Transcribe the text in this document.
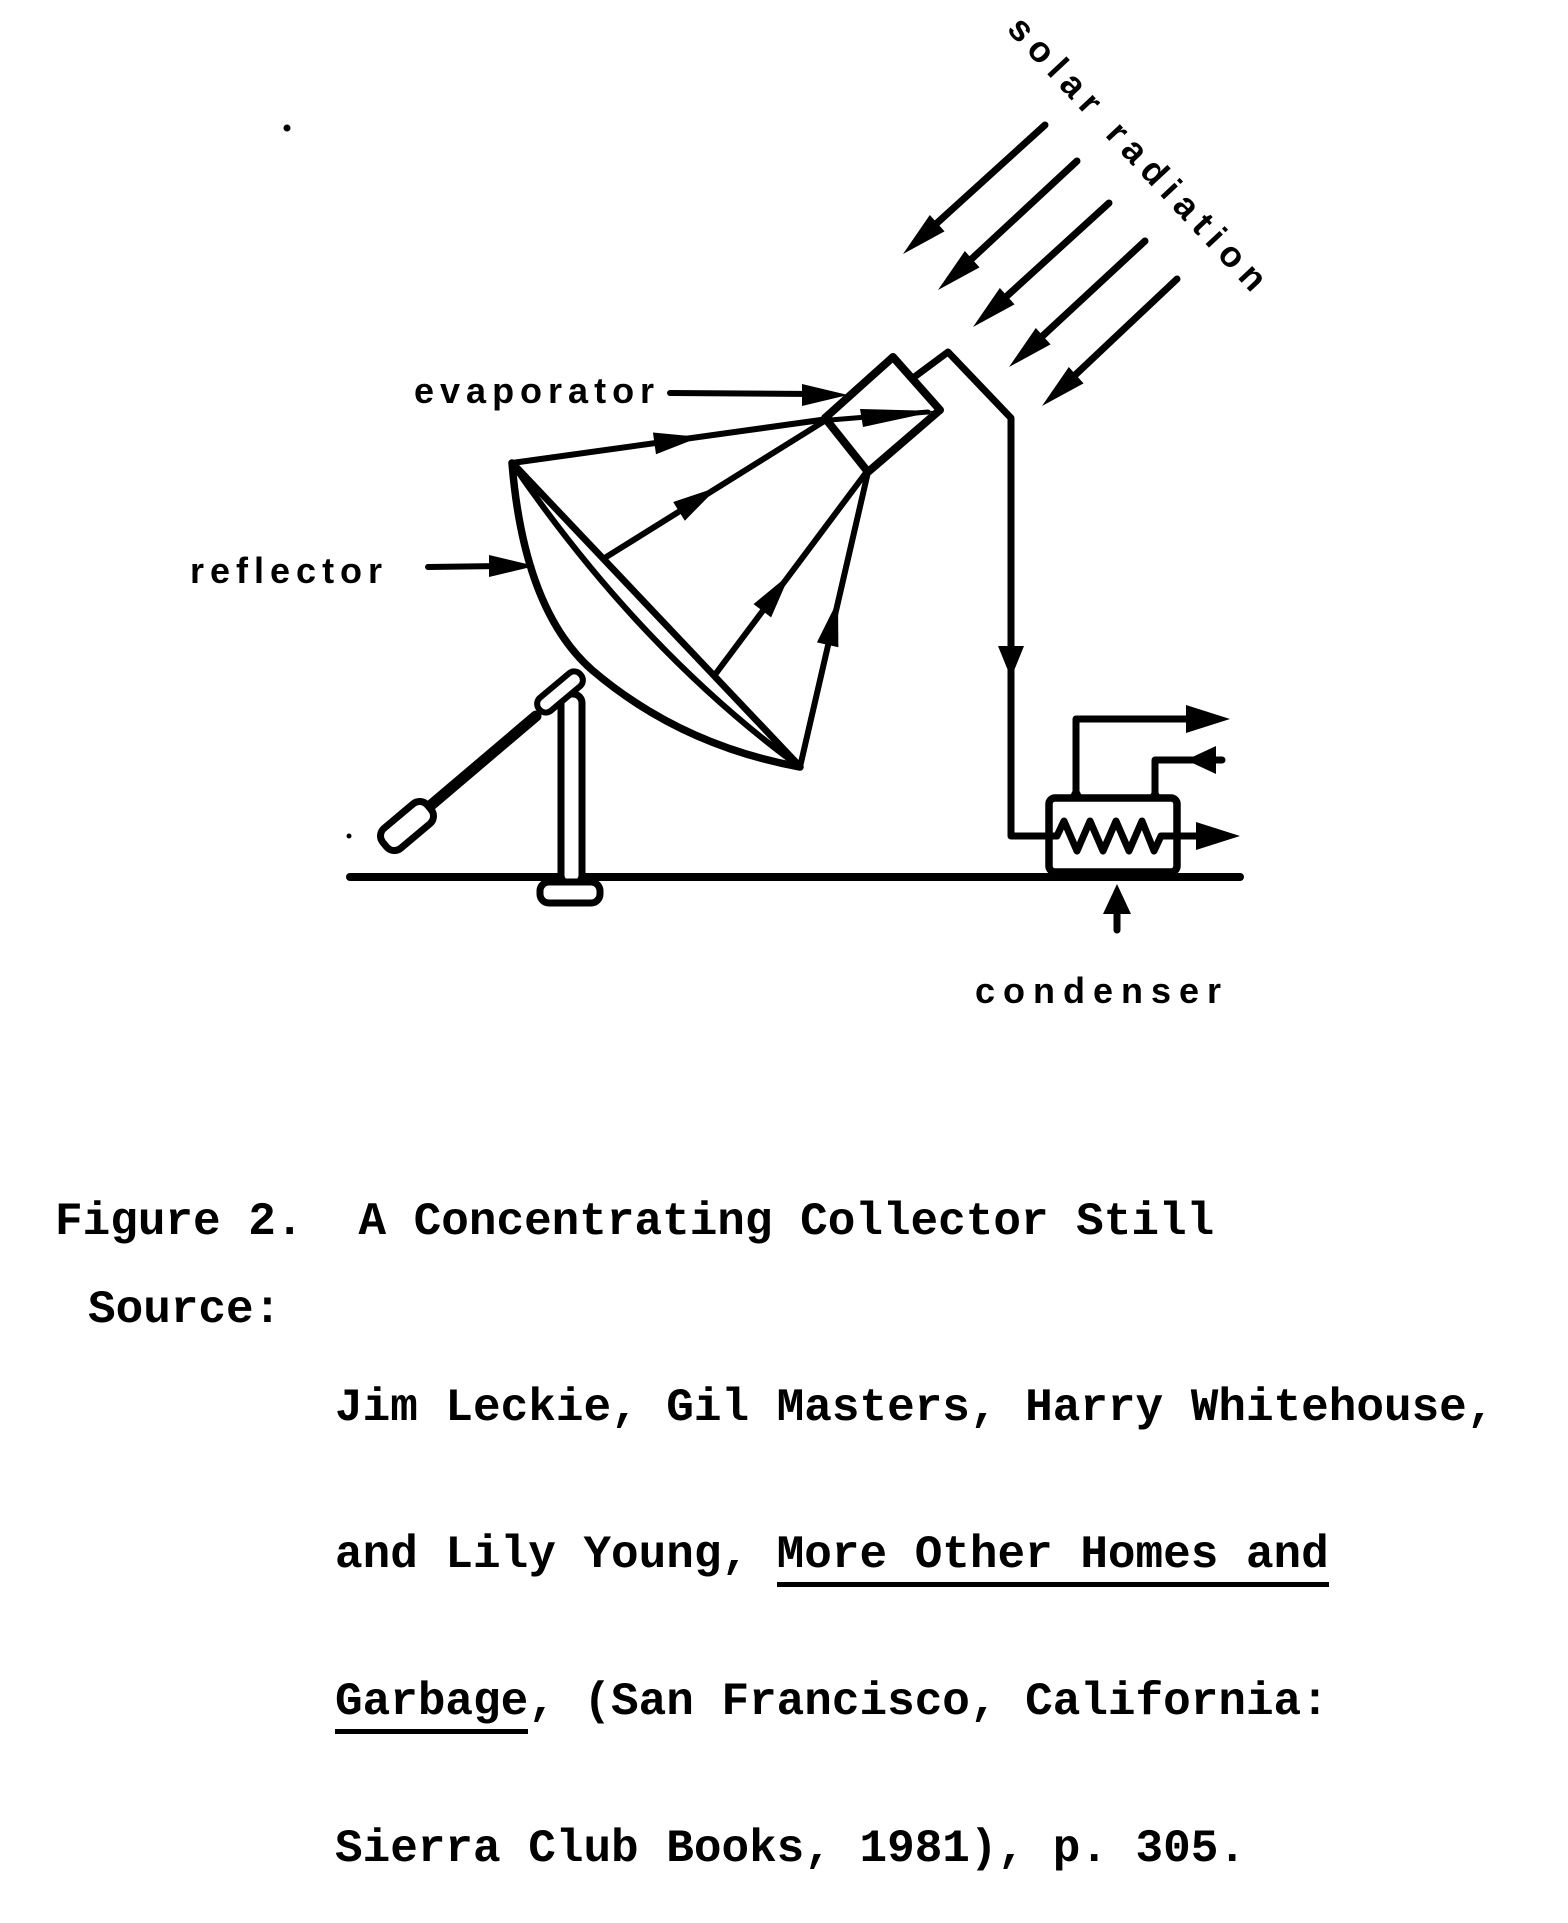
evaporator
reflector
condenser
solar radiation
Figure 2. A Concentrating Collector Still
Source:

Jim Leckie, Gil Masters, Harry Whitehouse,

and Lily Young, More Other Homes and

Garbage, (San Francisco, California:

Sierra Club Books, 1981), p. 305.
